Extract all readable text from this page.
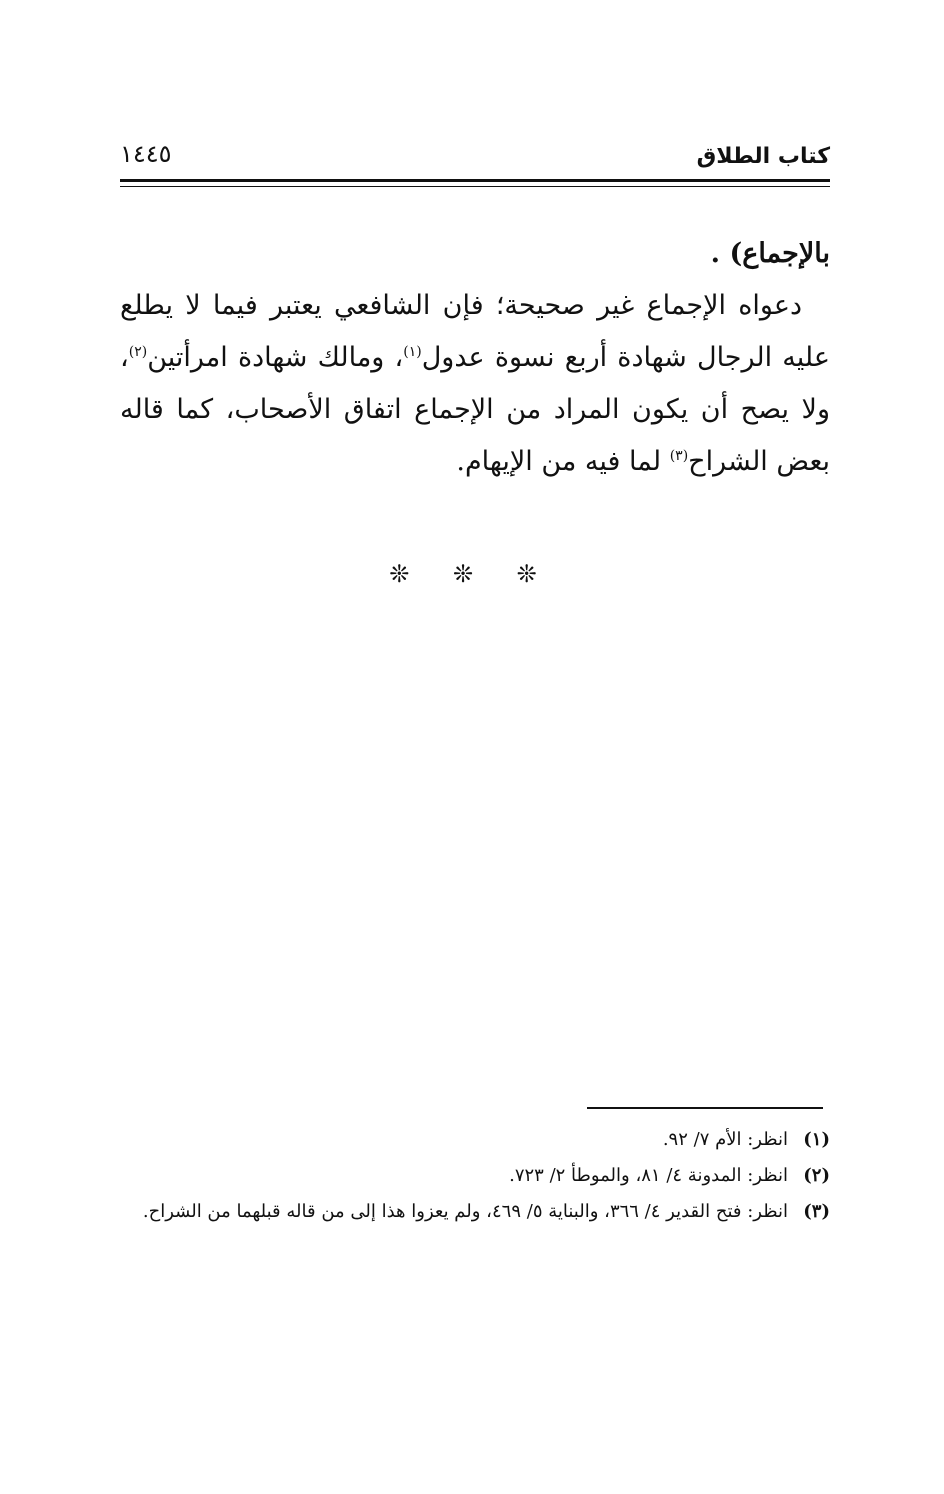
كتاب الطلاق
١٤٤٥

بالإجماع) .

دعواه الإجماع غير صحيحة؛ فإن الشافعي يعتبر فيما لا يطلع عليه الرجال شهادة أربع نسوة عدول$^{(١)}$، ومالك شهادة امرأتين$^{(٢)}$، ولا يصح أن يكون المراد من الإجماع اتفاق الأصحاب، كما قاله بعض الشراح$^{(٣)}$ لما فيه من الإيهام.

❊ ❊ ❊
(١)
انظر: الأم ٧/ ٩٢.
(٢)
انظر: المدونة ٤/ ٨١، والموطأ ٢/ ٧٢٣.
(٣)
انظر: فتح القدير ٤/ ٣٦٦، والبناية ٥/ ٤٦٩، ولم يعزوا هذا إلى من قاله قبلهما من الشراح.
